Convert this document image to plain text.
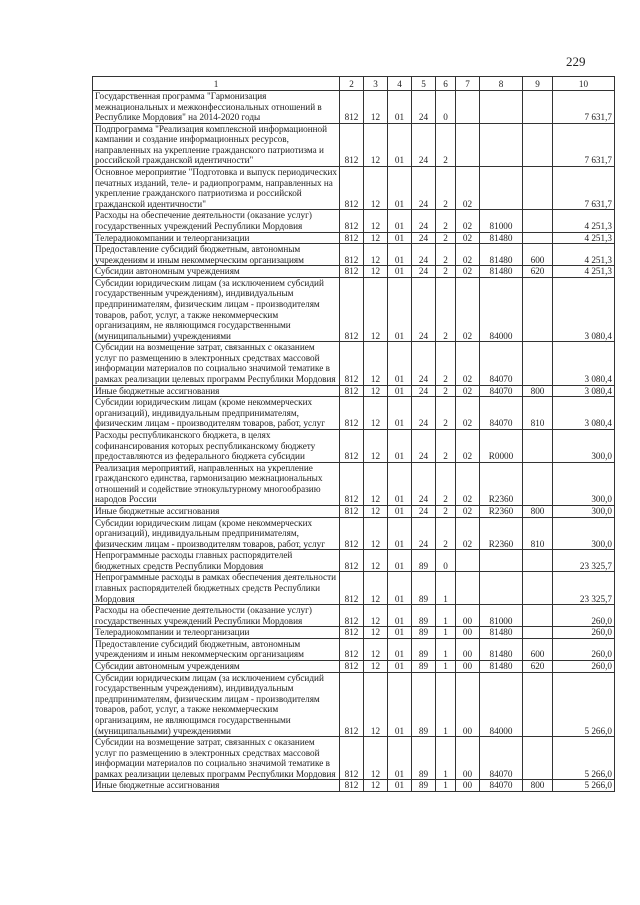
229
1	2	3	4	5	6	7	8	9	10
Государственная программа "Гармонизация межнациональных и межконфессиональных отношений в Республике Мордовия" на 2014-2020 годы	812	12	01	24	0				7 631,7
Подпрограмма "Реализация комплексной информационной кампании и создание информационных ресурсов, направленных на укрепление гражданского патриотизма и российской гражданской идентичности"	812	12	01	24	2				7 631,7
Основное мероприятие "Подготовка и выпуск периодических печатных изданий, теле- и радиопрограмм, направленных на укрепление гражданского патриотизма и российской гражданской идентичности"	812	12	01	24	2	02			7 631,7
Расходы на обеспечение деятельности (оказание услуг) государственных учреждений Республики Мордовия	812	12	01	24	2	02	81000		4 251,3
Телерадиокомпании и телеорганизации	812	12	01	24	2	02	81480		4 251,3
Предоставление субсидий бюджетным, автономным учреждениям и иным некоммерческим организациям	812	12	01	24	2	02	81480	600	4 251,3
Субсидии автономным учреждениям	812	12	01	24	2	02	81480	620	4 251,3
Субсидии юридическим лицам (за исключением субсидий государственным учреждениям), индивидуальным предпринимателям, физическим лицам - производителям товаров, работ, услуг, а также некоммерческим организациям, не являющимся государственными (муниципальными) учреждениями	812	12	01	24	2	02	84000		3 080,4
Субсидии на возмещение затрат, связанных с оказанием услуг по размещению в электронных средствах массовой информации материалов по социально значимой тематике в рамках реализации целевых программ Республики Мордовия	812	12	01	24	2	02	84070		3 080,4
Иные бюджетные ассигнования	812	12	01	24	2	02	84070	800	3 080,4
Субсидии юридическим лицам (кроме некоммерческих организаций), индивидуальным предпринимателям, физическим лицам - производителям товаров, работ, услуг	812	12	01	24	2	02	84070	810	3 080,4
Расходы республиканского бюджета, в целях софинансирования которых республиканскому бюджету предоставляются из федерального бюджета субсидии	812	12	01	24	2	02	R0000		300,0
Реализация мероприятий, направленных на укрепление гражданского единства, гармонизацию межнациональных отношений и содействие этнокультурному многообразию народов России	812	12	01	24	2	02	R2360		300,0
Иные бюджетные ассигнования	812	12	01	24	2	02	R2360	800	300,0
Субсидии юридическим лицам (кроме некоммерческих организаций), индивидуальным предпринимателям, физическим лицам - производителям товаров, работ, услуг	812	12	01	24	2	02	R2360	810	300,0
Непрограммные расходы главных распорядителей бюджетных средств Республики Мордовия	812	12	01	89	0				23 325,7
Непрограммные расходы в рамках обеспечения деятельности главных распорядителей бюджетных средств Республики Мордовия	812	12	01	89	1				23 325,7
Расходы на обеспечение деятельности (оказание услуг) государственных учреждений Республики Мордовия	812	12	01	89	1	00	81000		260,0
Телерадиокомпании и телеорганизации	812	12	01	89	1	00	81480		260,0
Предоставление субсидий бюджетным, автономным учреждениям и иным некоммерческим организациям	812	12	01	89	1	00	81480	600	260,0
Субсидии автономным учреждениям	812	12	01	89	1	00	81480	620	260,0
Субсидии юридическим лицам (за исключением субсидий государственным учреждениям), индивидуальным предпринимателям, физическим лицам - производителям товаров, работ, услуг, а также некоммерческим организациям, не являющимся государственными (муниципальными) учреждениями	812	12	01	89	1	00	84000		5 266,0
Субсидии на возмещение затрат, связанных с оказанием услуг по размещению в электронных средствах массовой информации материалов по социально значимой тематике в рамках реализации целевых программ Республики Мордовия	812	12	01	89	1	00	84070		5 266,0
Иные бюджетные ассигнования	812	12	01	89	1	00	84070	800	5 266,0
